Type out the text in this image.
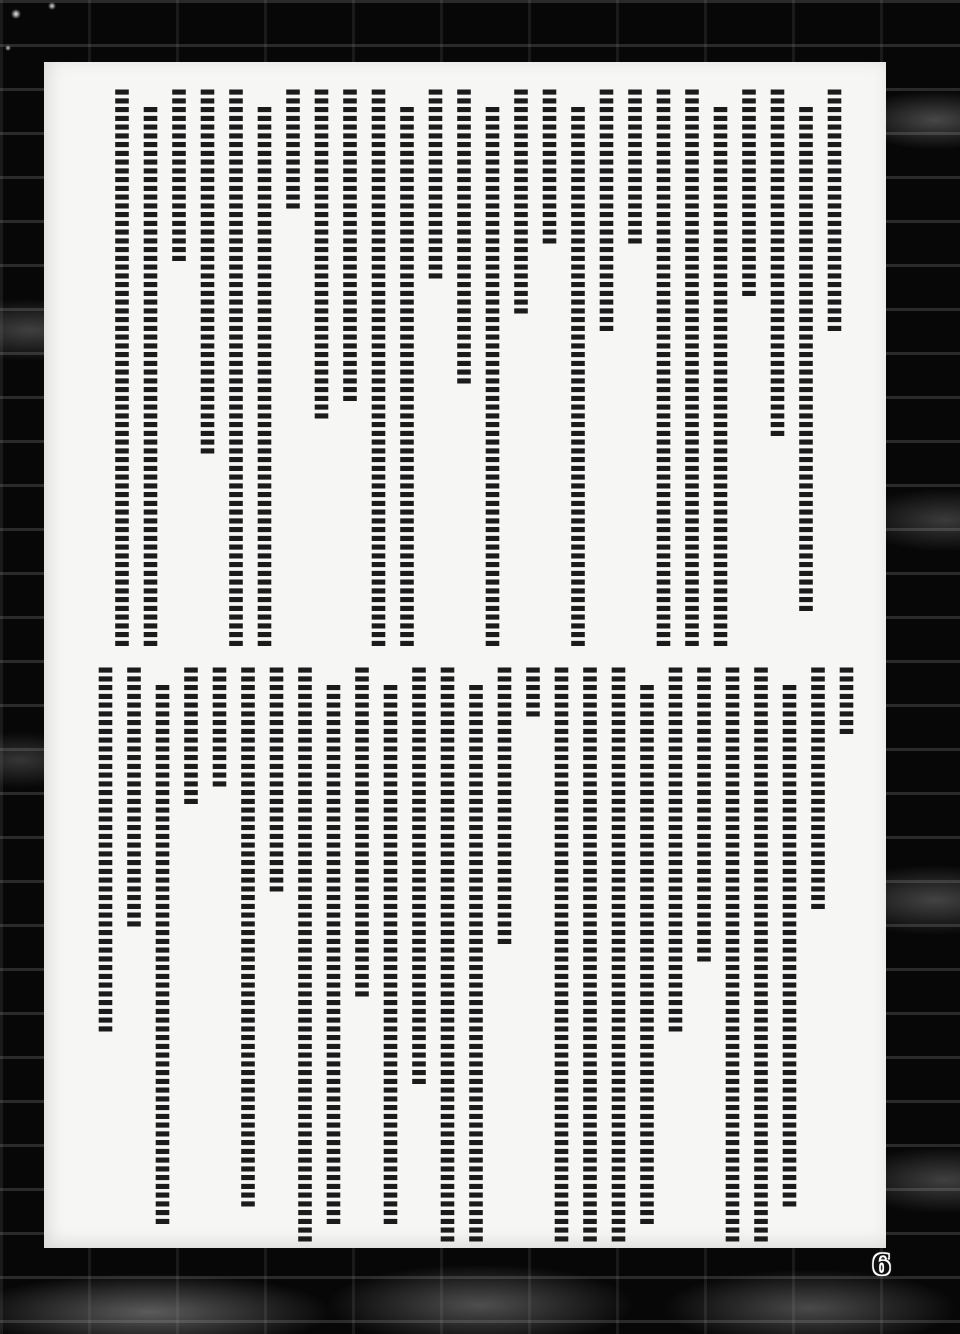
〓〓〓〓〓〓〓〓〓〓〓〓〓〓
　〓〓〓〓〓〓〓〓〓〓〓〓〓〓〓〓〓〓〓〓〓〓〓〓〓〓〓〓〓
〓〓〓〓〓〓〓〓〓〓〓〓〓〓〓〓〓〓〓〓
〓〓〓〓〓〓〓〓〓〓〓〓
　〓〓〓〓〓〓〓〓〓〓〓〓〓〓〓〓〓〓〓〓〓〓〓〓〓〓〓〓〓〓〓
〓〓〓〓〓〓〓〓〓〓〓〓〓〓〓〓〓〓〓〓〓〓〓〓〓〓〓〓〓〓〓〓
〓〓〓〓〓〓〓〓〓〓〓〓〓〓〓〓〓〓〓〓〓〓〓〓〓〓〓〓〓〓〓〓
〓〓〓〓〓〓〓〓〓
〓〓〓〓〓〓〓〓〓〓〓〓〓〓
　〓〓〓〓〓〓〓〓〓〓〓〓〓〓〓〓〓〓〓〓〓〓〓〓〓〓〓〓〓〓〓
〓〓〓〓〓〓〓〓〓
〓〓〓〓〓〓〓〓〓〓〓〓〓
　〓〓〓〓〓〓〓〓〓〓〓〓〓〓〓〓〓〓〓〓〓〓〓〓〓〓〓〓〓〓〓
〓〓〓〓〓〓〓〓〓〓〓〓〓〓〓〓〓
〓〓〓〓〓〓〓〓〓〓〓
　〓〓〓〓〓〓〓〓〓〓〓〓〓〓〓〓〓〓〓〓〓〓〓〓〓〓〓〓〓〓〓
〓〓〓〓〓〓〓〓〓〓〓〓〓〓〓〓〓〓〓〓〓〓〓〓〓〓〓〓〓〓〓〓
〓〓〓〓〓〓〓〓〓〓〓〓〓〓〓〓〓〓
〓〓〓〓〓〓〓〓〓〓〓〓〓〓〓〓〓〓〓
〓〓〓〓〓〓〓
　〓〓〓〓〓〓〓〓〓〓〓〓〓〓〓〓〓〓〓〓〓〓〓〓〓〓〓〓〓〓〓
〓〓〓〓〓〓〓〓〓〓〓〓〓〓〓〓〓〓〓〓〓〓〓〓〓〓〓〓〓〓〓〓
〓〓〓〓〓〓〓〓〓〓〓〓〓〓〓〓〓〓〓〓〓
〓〓〓〓〓〓〓〓〓〓
　〓〓〓〓〓〓〓〓〓〓〓〓〓〓〓〓〓〓〓〓〓〓〓〓〓〓〓〓〓〓〓
〓〓〓〓〓〓〓〓〓〓〓〓〓〓〓〓〓〓〓〓〓〓〓〓〓〓〓〓〓〓〓〓
〓〓〓〓
〓〓〓〓〓〓〓〓〓〓〓〓〓〓
　〓〓〓〓〓〓〓〓〓〓〓〓〓〓〓〓〓〓〓〓〓〓〓〓〓〓〓〓〓〓
〓〓〓〓〓〓〓〓〓〓〓〓〓〓〓〓〓〓〓〓〓〓〓〓〓〓〓〓〓〓〓〓〓
〓〓〓〓〓〓〓〓〓〓〓〓〓〓〓〓〓〓〓〓〓〓〓〓〓〓〓〓〓〓〓〓〓
〓〓〓〓〓〓〓〓〓〓〓〓〓〓〓〓〓
〓〓〓〓〓〓〓〓〓〓〓〓〓〓〓〓〓〓〓〓〓
　〓〓〓〓〓〓〓〓〓〓〓〓〓〓〓〓〓〓〓〓〓〓〓〓〓〓〓〓〓〓〓
〓〓〓〓〓〓〓〓〓〓〓〓〓〓〓〓〓〓〓〓〓〓〓〓〓〓〓〓〓〓〓〓〓
〓〓〓〓〓〓〓〓〓〓〓〓〓〓〓〓〓〓〓〓〓〓〓〓〓〓〓〓〓〓〓〓〓
〓〓〓〓〓〓〓〓〓〓〓〓〓〓〓〓〓〓〓〓〓〓〓〓〓〓〓〓〓〓〓〓〓
〓〓〓
〓〓〓〓〓〓〓〓〓〓〓〓〓〓〓〓
　〓〓〓〓〓〓〓〓〓〓〓〓〓〓〓〓〓〓〓〓〓〓〓〓〓〓〓〓〓〓〓〓
〓〓〓〓〓〓〓〓〓〓〓〓〓〓〓〓〓〓〓〓〓〓〓〓〓〓〓〓〓〓〓〓〓
〓〓〓〓〓〓〓〓〓〓〓〓〓〓〓〓〓〓〓〓〓〓〓〓
　〓〓〓〓〓〓〓〓〓〓〓〓〓〓〓〓〓〓〓〓〓〓〓〓〓〓〓〓〓〓〓
〓〓〓〓〓〓〓〓〓〓〓〓〓〓〓〓〓〓〓
　〓〓〓〓〓〓〓〓〓〓〓〓〓〓〓〓〓〓〓〓〓〓〓〓〓〓〓〓〓〓〓
〓〓〓〓〓〓〓〓〓〓〓〓〓〓〓〓〓〓〓〓〓〓〓〓〓〓〓〓〓〓〓〓〓
〓〓〓〓〓〓〓〓〓〓〓〓〓
〓〓〓〓〓〓〓〓〓〓〓〓〓〓〓〓〓〓〓〓〓〓〓〓〓〓〓〓〓〓〓
〓〓〓〓〓〓〓
〓〓〓〓〓〓〓〓
　〓〓〓〓〓〓〓〓〓〓〓〓〓〓〓〓〓〓〓〓〓〓〓〓〓〓〓〓〓〓〓
〓〓〓〓〓〓〓〓〓〓〓〓〓〓〓
〓〓〓〓〓〓〓〓〓〓〓〓〓〓〓〓〓〓〓〓〓
6
